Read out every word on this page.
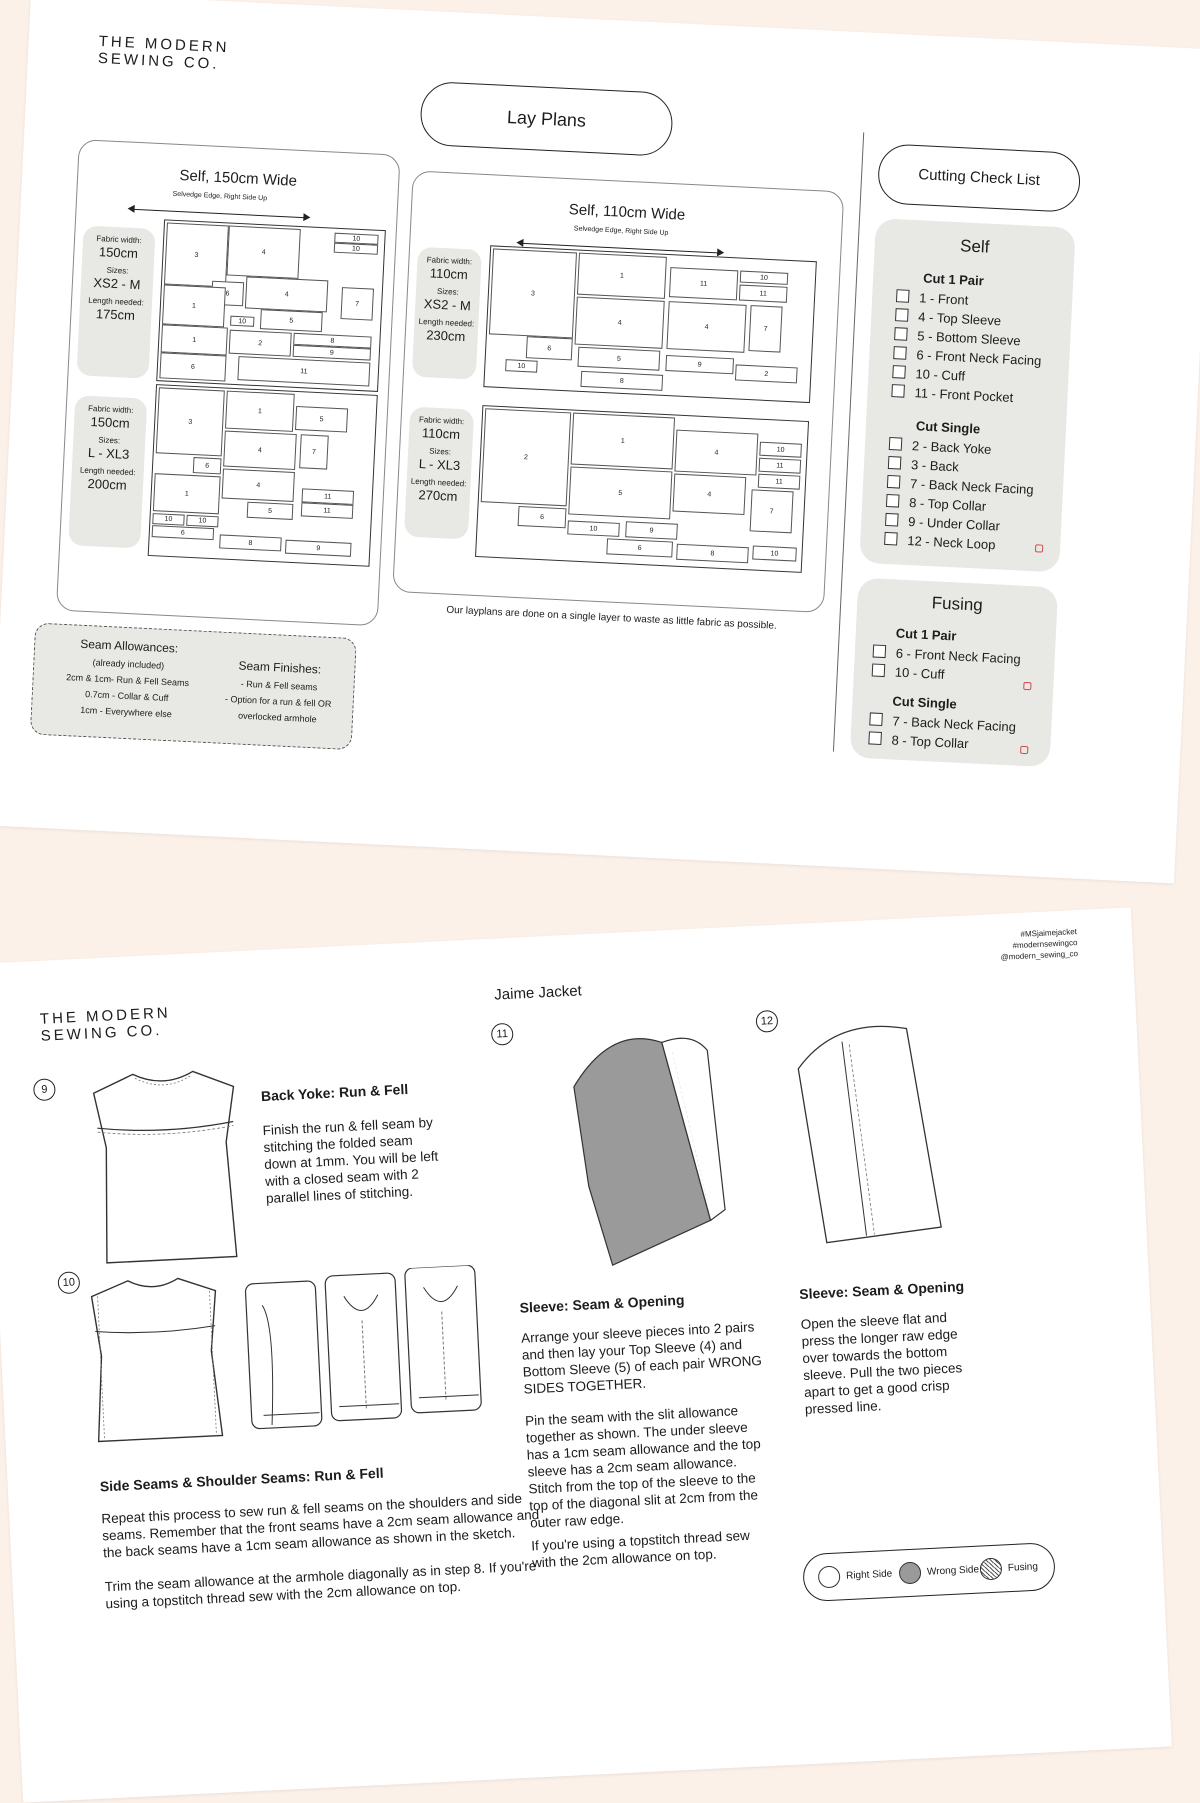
THE MODERN
SEWING CO.
Lay Plans
Self, 150cm Wide
Selvedge Edge, Right Side Up
Fabric width:
150cm
Sizes:
XS2 - M
Length needed:
175cm
3	4
10
10
6	4
7
5
1
10
2	8
1
6
9
11
Fabric width:
150cm
Sizes:
L - XL3
Length needed:
200cm
3
1
5
4	7
6
4
1
5
11
11
10	10
6
8
9
Self, 110cm Wide
Selvedge Edge, Right Side Up
Fabric width:
110cm
Sizes:
XS2 - M
Length needed:
230cm
3
1	10
11
11
6
4
5
7
4
10
2
8
9
Fabric width:
110cm
Sizes:
L - XL3
Length needed:
270cm
2
1
4	10
11
11
4
6
5
7
9
10
8
6
10
Seam Allowances:
(already included)
2cm & 1cm- Run & Fell Seams
0.7cm - Collar & Cuff
1cm - Everywhere else
Seam Finishes:
- Run & Fell seams
- Option for a run & fell OR
overlocked armhole
Our layplans are done on a single layer to waste as little fabric as possible.
Cutting Check List
Self
Cut 1 Pair
1 - Front
4 - Top Sleeve
5 - Bottom Sleeve
6 - Front Neck Facing
10 - Cuff
11 - Front Pocket
Cut Single
2 - Back Yoke
3 - Back
7 - Back Neck Facing
8 - Top Collar
9 - Under Collar
12 - Neck Loop
Fusing
Cut 1 Pair
6 - Front Neck Facing
10 - Cuff
Cut Single
7 - Back Neck Facing
8 - Top Collar
THE MODERN
SEWING CO.
Jaime Jacket
#MSjaimejacket
#modernsewingco
@modern_sewing_co
9	Back Yoke: Run & Fell
Finish the run & fell seam by stitching the folded seam down at 1mm. You will be left with a closed seam with 2 parallel lines of stitching.
10
Side Seams & Shoulder Seams: Run & Fell
Repeat this process to sew run & fell seams on the shoulders and side seams. Remember that the front seams have a 2cm seam allowance and the back seams have a 1cm seam allowance as shown in the sketch.
Trim the seam allowance at the armhole diagonally as in step 8. If you're using a topstitch thread sew with the 2cm allowance on top.
11
Sleeve: Seam & Opening
Arrange your sleeve pieces into 2 pairs and then lay your Top Sleeve (4) and Bottom Sleeve (5) of each pair WRONG SIDES TOGETHER.
Pin the seam with the slit allowance together as shown. The under sleeve has a 1cm seam allowance and the top sleeve has a 2cm seam allowance. Stitch from the top of the sleeve to the top of the diagonal slit at 2cm from the outer raw edge.
If you're using a topstitch thread sew with the 2cm allowance on top.
12
Sleeve: Seam & Opening
Open the sleeve flat and press the longer raw edge over towards the bottom sleeve. Pull the two pieces apart to get a good crisp pressed line.
Right Side	Wrong Side	Fusing
